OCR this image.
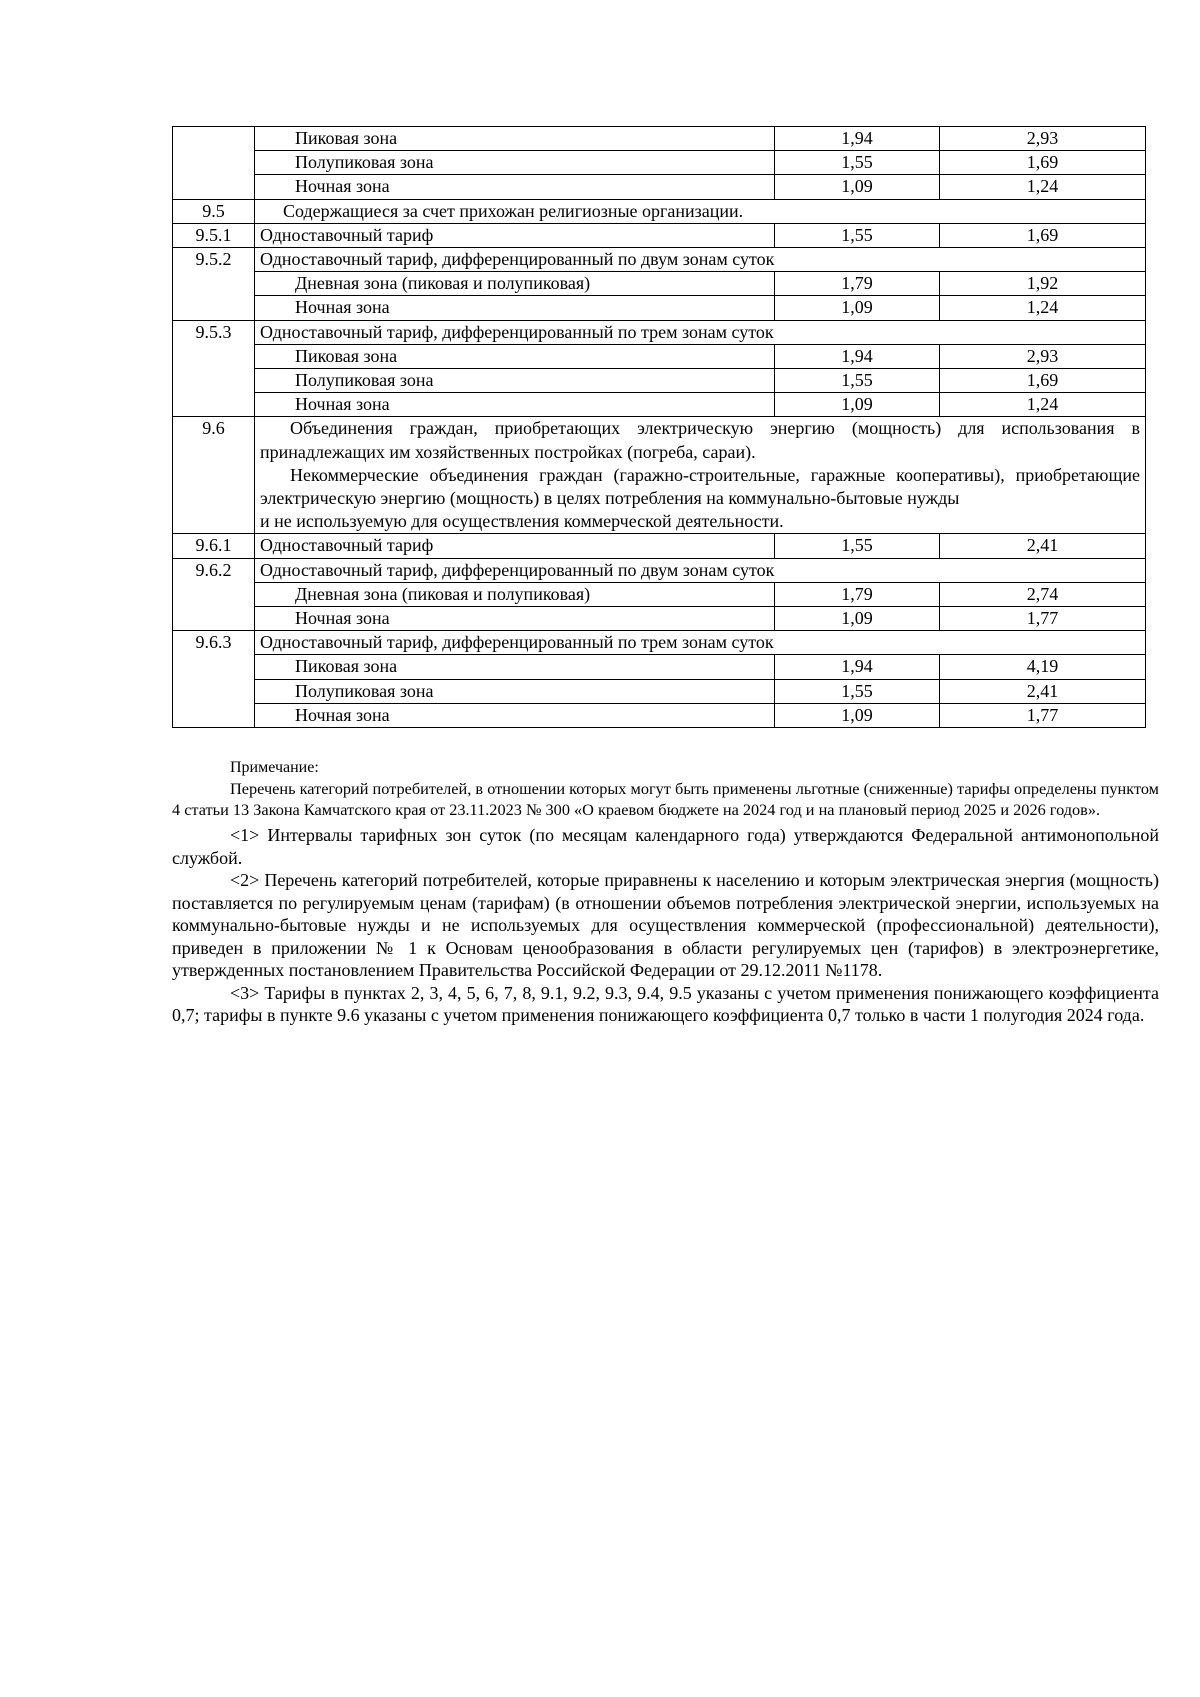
	Пиковая зона	1,94	2,93
	Полупиковая зона	1,55	1,69
	Ночная зона	1,09	1,24
9.5	Содержащиеся за счет прихожан религиозные организации.		
9.5.1	Одноставочный тариф	1,55	1,69
9.5.2	Одноставочный тариф, дифференцированный по двум зонам суток		
	Дневная зона (пиковая и полупиковая)	1,79	1,92
	Ночная зона	1,09	1,24
9.5.3	Одноставочный тариф, дифференцированный по трем зонам суток		
	Пиковая зона	1,94	2,93
	Полупиковая зона	1,55	1,69
	Ночная зона	1,09	1,24
9.6	Объединения граждан, приобретающих электрическую энергию (мощность) для использования в принадлежащих им хозяйственных постройках (погреба, сараи).

Некоммерческие объединения граждан (гаражно-строительные, гаражные кооперативы), приобретающие электрическую энергию (мощность) в целях потребления на коммунально-бытовые нужды

и не используемую для осуществления коммерческой деятельности.		

9.6.1	Одноставочный тариф	1,55	2,41
9.6.2	Одноставочный тариф, дифференцированный по двум зонам суток		
	Дневная зона (пиковая и полупиковая)	1,79	2,74
	Ночная зона	1,09	1,77
9.6.3	Одноставочный тариф, дифференцированный по трем зонам суток		
	Пиковая зона	1,94	4,19
	Полупиковая зона	1,55	2,41
	Ночная зона	1,09	1,77

Примечание:

Перечень категорий потребителей, в отношении которых могут быть применены льготные (сниженные) тарифы определены пунктом 4 статьи 13 Закона Камчатского края от 23.11.2023 № 300 «О краевом бюджете на 2024 год и на плановый период 2025 и 2026 годов».

<1> Интервалы тарифных зон суток (по месяцам календарного года) утверждаются Федеральной антимонопольной службой.

<2> Перечень категорий потребителей, которые приравнены к населению и которым электрическая энергия (мощность) поставляется по регулируемым ценам (тарифам) (в отношении объемов потребления электрической энергии, используемых на коммунально-бытовые нужды и не используемых для осуществления коммерческой (профессиональной) деятельности), приведен в приложении № 1 к Основам ценообразования в области регулируемых цен (тарифов) в электроэнергетике, утвержденных постановлением Правительства Российской Федерации от 29.12.2011 №1178.

<3> Тарифы в пунктах 2, 3, 4, 5, 6, 7, 8, 9.1, 9.2, 9.3, 9.4, 9.5 указаны с учетом применения понижающего коэффициента 0,7; тарифы в пункте 9.6 указаны с учетом применения понижающего коэффициента 0,7 только в части 1 полугодия 2024 года.
